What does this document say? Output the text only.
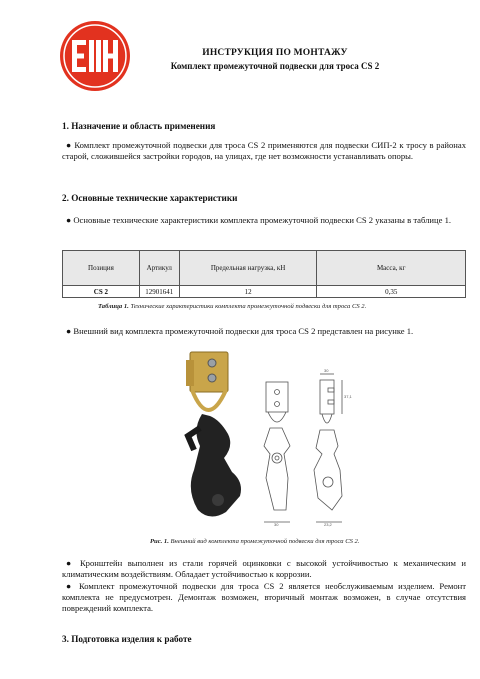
ИНСТРУКЦИЯ ПО МОНТАЖУ
Комплект промежуточной подвески для троса CS 2
1. Назначение и область применения
● Комплект промежуточной подвески для троса CS 2 применяются для подвески СИП-2 к тросу в районах старой, сложившейся застройки городов, на улицах, где нет возможности устанавливать опоры.
2. Основные технические характеристики
● Основные технические характеристики комплекта промежуточной подвески CS 2 указаны в таблице 1.
Позиция	Артикул	Предельная нагрузка, кН	Масса, кг
CS 2	12901641	12	0,35
Таблица 1. Технические характеристики комплекта промежуточной подвески для троса CS 2.
● Внешний вид комплекта промежуточной подвески для троса CS 2 представлен на рисунке 1.
30
37,1
30
23,2
Рис. 1. Внешний вид комплекта промежуточной подвески для троса CS 2.
● Кронштейн выполнен из стали горячей оцинковки с высокой устойчивостью к механическим и климатическим воздействиям. Обладает устойчивостью к коррозии.
● Комплект промежуточной подвески для троса CS 2 является необслуживаемым изделием. Ремонт комплекта не предусмотрен. Демонтаж возможен, вторичный монтаж возможен, в случае отсутствия повреждений комплекта.
3. Подготовка изделия к работе
